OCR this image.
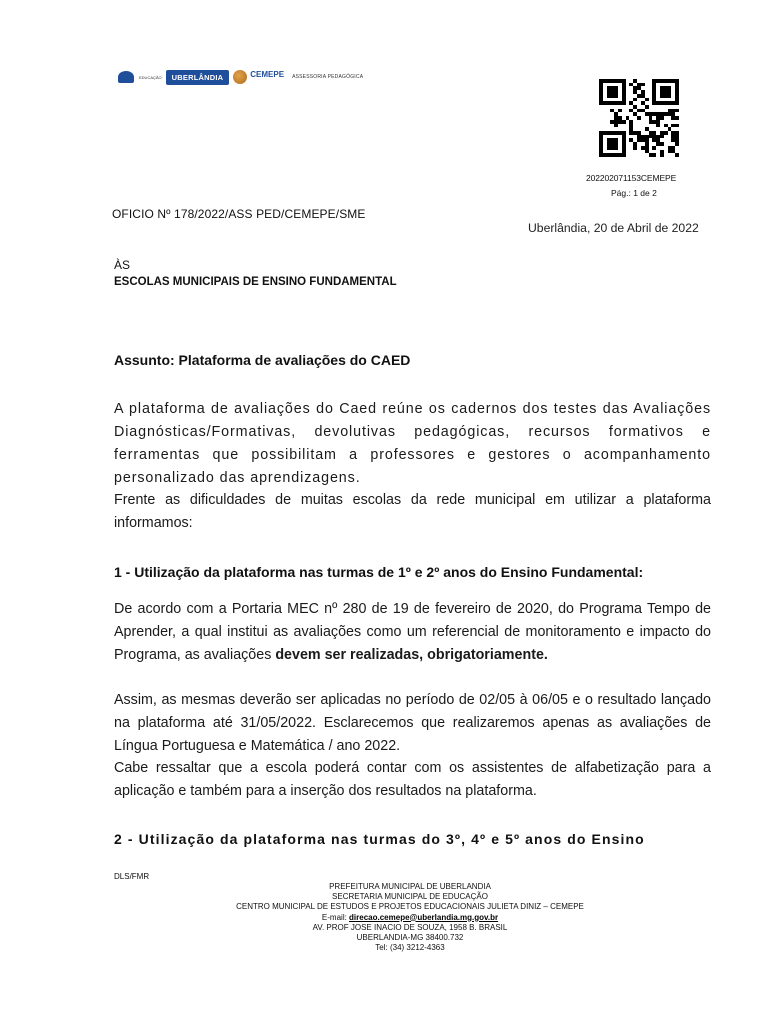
EDUCAÇÃO	UBERLÂNDIA	CEMEPE
ASSESSORIA PEDAGÓGICA
202202071153CEMEPE
Pág.: 1 de 2
OFICIO Nº 178/2022/ASS PED/CEMEPE/SME
Uberlândia, 20 de Abril de 2022
ÀS
ESCOLAS MUNICIPAIS DE ENSINO FUNDAMENTAL
Assunto: Plataforma de avaliações do CAED
A plataforma de avaliações do Caed reúne os cadernos dos testes das Avaliações Diagnósticas/Formativas, devolutivas pedagógicas, recursos formativos e ferramentas que possibilitam a professores e gestores o acompanhamento personalizado das aprendizagens.
Frente as dificuldades de muitas escolas da rede municipal em utilizar a plataforma informamos:
1 - Utilização da plataforma nas turmas de 1º e 2º anos do Ensino Fundamental:
De acordo com a Portaria MEC nº 280 de 19 de fevereiro de 2020, do Programa Tempo de Aprender, a qual institui as avaliações como um referencial de monitoramento e impacto do Programa, as avaliações devem ser realizadas, obrigatoriamente.
Assim, as mesmas deverão ser aplicadas no período de 02/05 à 06/05 e o resultado lançado na plataforma até 31/05/2022. Esclarecemos que realizaremos apenas as avaliações de Língua Portuguesa e Matemática / ano 2022.
Cabe ressaltar que a escola poderá contar com os assistentes de alfabetização para a aplicação e também para a inserção dos resultados na plataforma.
2 - Utilização da plataforma nas turmas do 3º, 4º e 5º anos do Ensino
DLS/FMR
PREFEITURA MUNICIPAL DE UBERLANDIA
SECRETARIA MUNICIPAL DE EDUCAÇÃO
CENTRO MUNICIPAL DE ESTUDOS E PROJETOS EDUCACIONAIS JULIETA DINIZ – CEMEPE
E-mail: direcao.cemepe@uberlandia.mg.gov.br
AV. PROF JOSE INACIO DE SOUZA, 1958 B. BRASIL
UBERLANDIA-MG 38400.732
Tel: (34) 3212-4363
